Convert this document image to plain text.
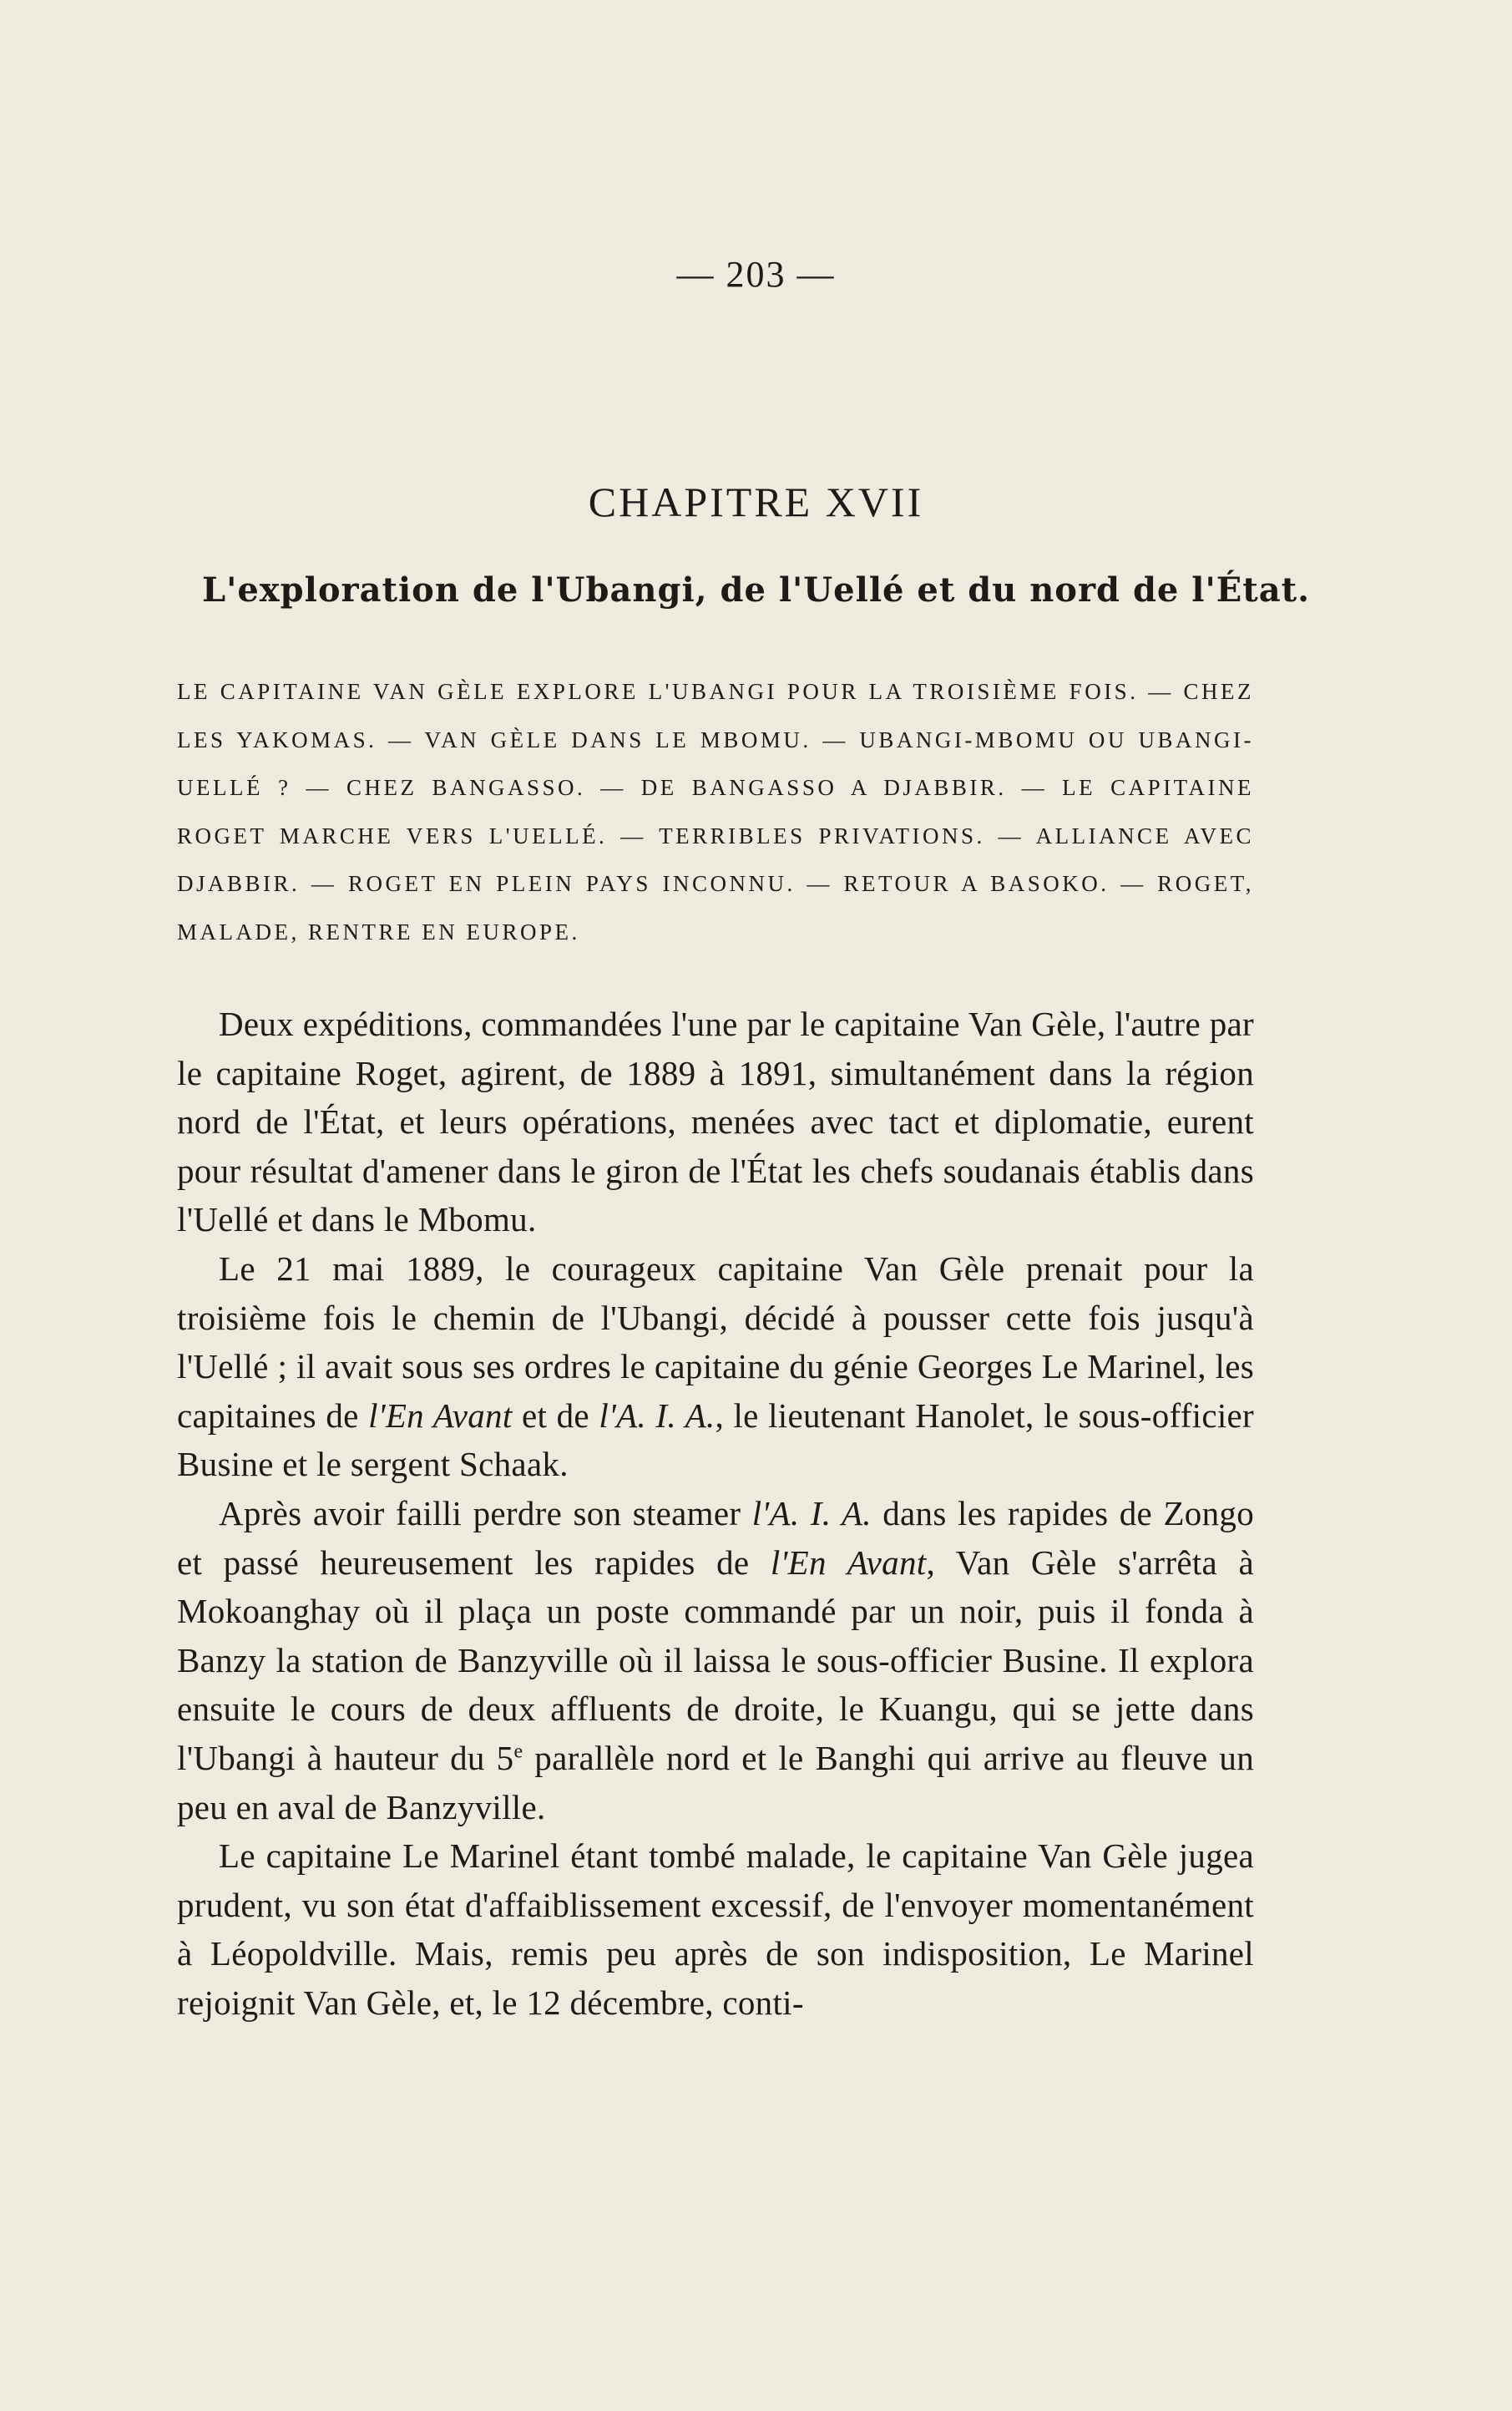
— 203 —
CHAPITRE XVII
L'exploration de l'Ubangi, de l'Uellé et du nord de l'État.

LE CAPITAINE VAN GÈLE EXPLORE L'UBANGI POUR LA TROISIÈME FOIS. — CHEZ LES YAKOMAS. — VAN GÈLE DANS LE MBOMU. — UBANGI-MBOMU OU UBANGI-UELLÉ ? — CHEZ BANGASSO. — DE BANGASSO A DJABBIR. — LE CAPITAINE ROGET MARCHE VERS L'UELLÉ. — TERRIBLES PRIVATIONS. — ALLIANCE AVEC DJABBIR. — ROGET EN PLEIN PAYS INCONNU. — RETOUR A BASOKO. — ROGET, MALADE, RENTRE EN EUROPE.

Deux expéditions, commandées l'une par le capitaine Van Gèle, l'autre par le capitaine Roget, agirent, de 1889 à 1891, simultanément dans la région nord de l'État, et leurs opérations, menées avec tact et diplomatie, eurent pour résultat d'amener dans le giron de l'État les chefs soudanais établis dans l'Uellé et dans le Mbomu.

Le 21 mai 1889, le courageux capitaine Van Gèle prenait pour la troisième fois le chemin de l'Ubangi, décidé à pousser cette fois jusqu'à l'Uellé ; il avait sous ses ordres le capitaine du génie Georges Le Marinel, les capitaines de l'En Avant et de l'A. I. A., le lieutenant Hanolet, le sous-officier Busine et le sergent Schaak.

Après avoir failli perdre son steamer l'A. I. A. dans les rapides de Zongo et passé heureusement les rapides de l'En Avant, Van Gèle s'arrêta à Mokoanghay où il plaça un poste commandé par un noir, puis il fonda à Banzy la station de Banzyville où il laissa le sous-officier Busine. Il explora ensuite le cours de deux affluents de droite, le Kuangu, qui se jette dans l'Ubangi à hauteur du 5e parallèle nord et le Banghi qui arrive au fleuve un peu en aval de Banzyville.

Le capitaine Le Marinel étant tombé malade, le capitaine Van Gèle jugea prudent, vu son état d'affaiblissement excessif, de l'envoyer momentanément à Léopoldville. Mais, remis peu après de son indisposition, Le Marinel rejoignit Van Gèle, et, le 12 décembre, conti-
